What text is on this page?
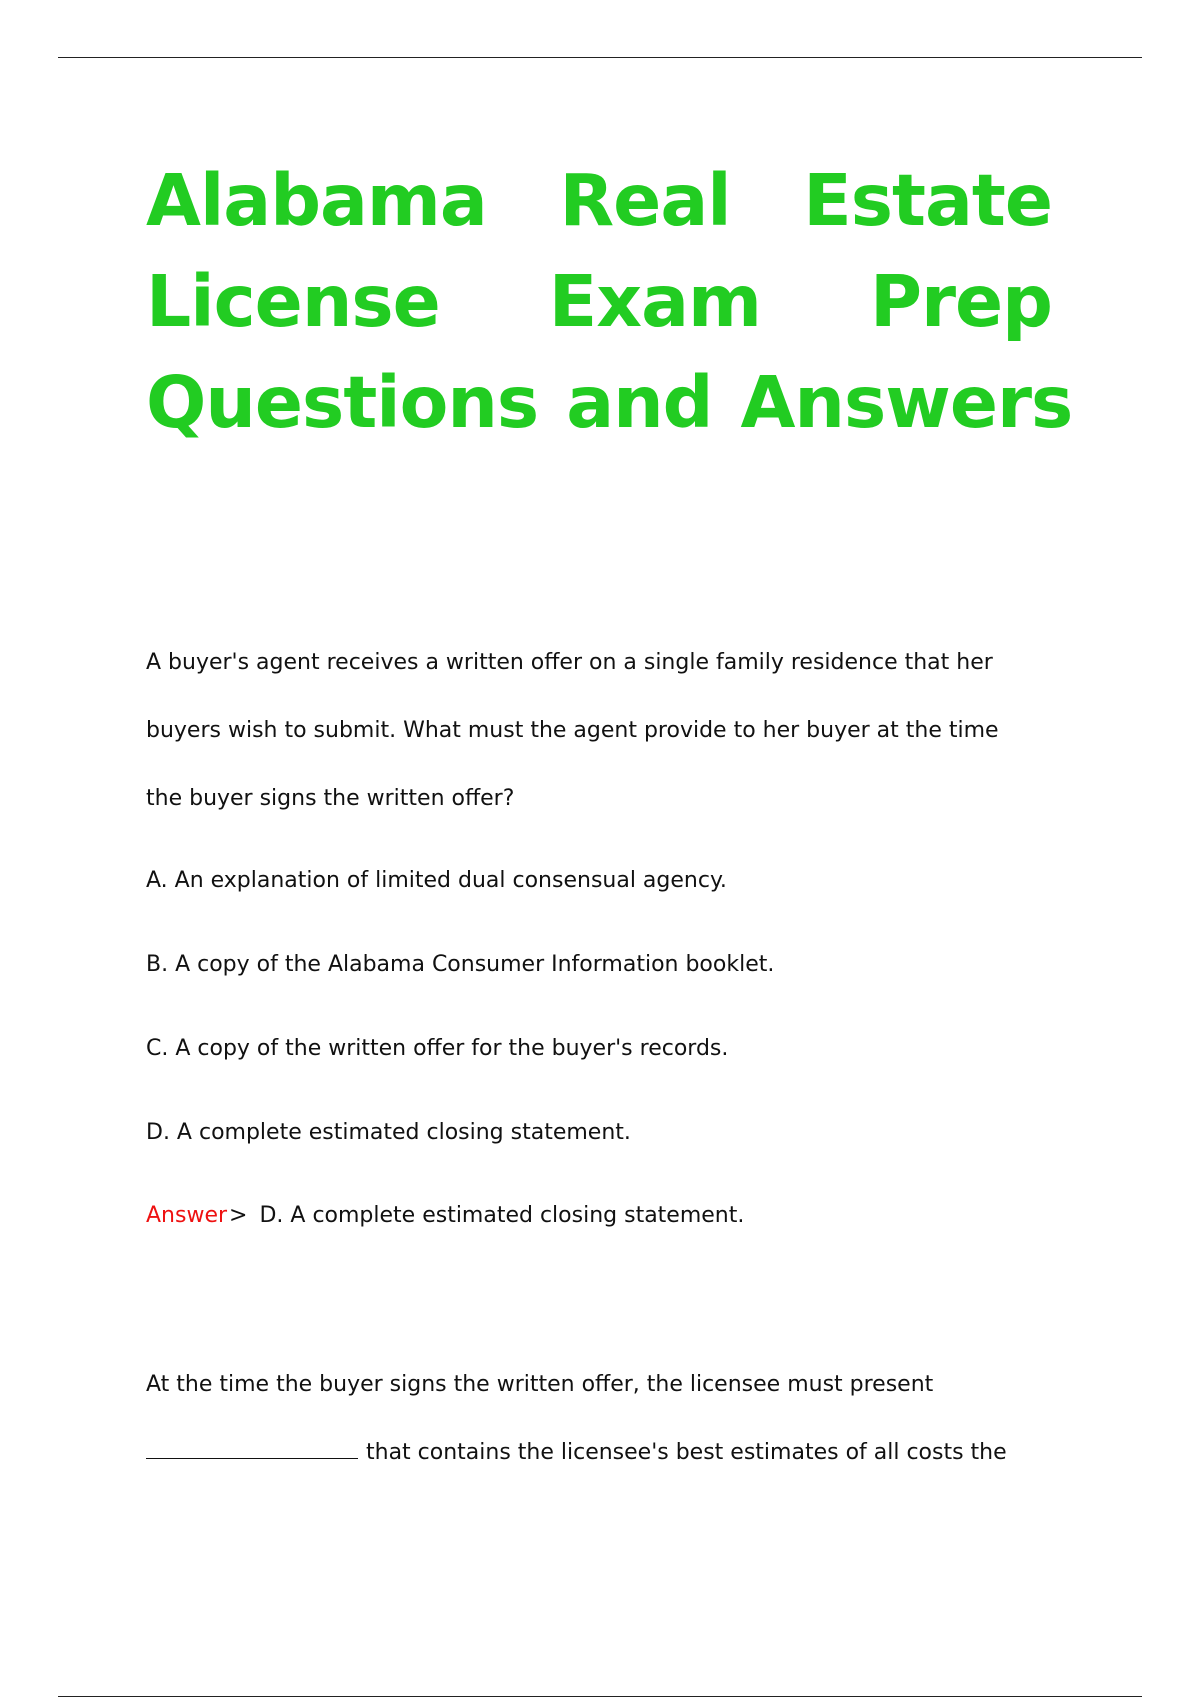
Alabama Real Estate
License Exam Prep
Questions and Answers
A buyer's agent receives a written offer on a single family residence that her
buyers wish to submit. What must the agent provide to her buyer at the time
the buyer signs the written offer?
A. An explanation of limited dual consensual agency.
B. A copy of the Alabama Consumer Information booklet.
C. A copy of the written offer for the buyer's records.
D. A complete estimated closing statement.
Answer> D. A complete estimated closing statement.
At the time the buyer signs the written offer, the licensee must present
that contains the licensee's best estimates of all costs the
